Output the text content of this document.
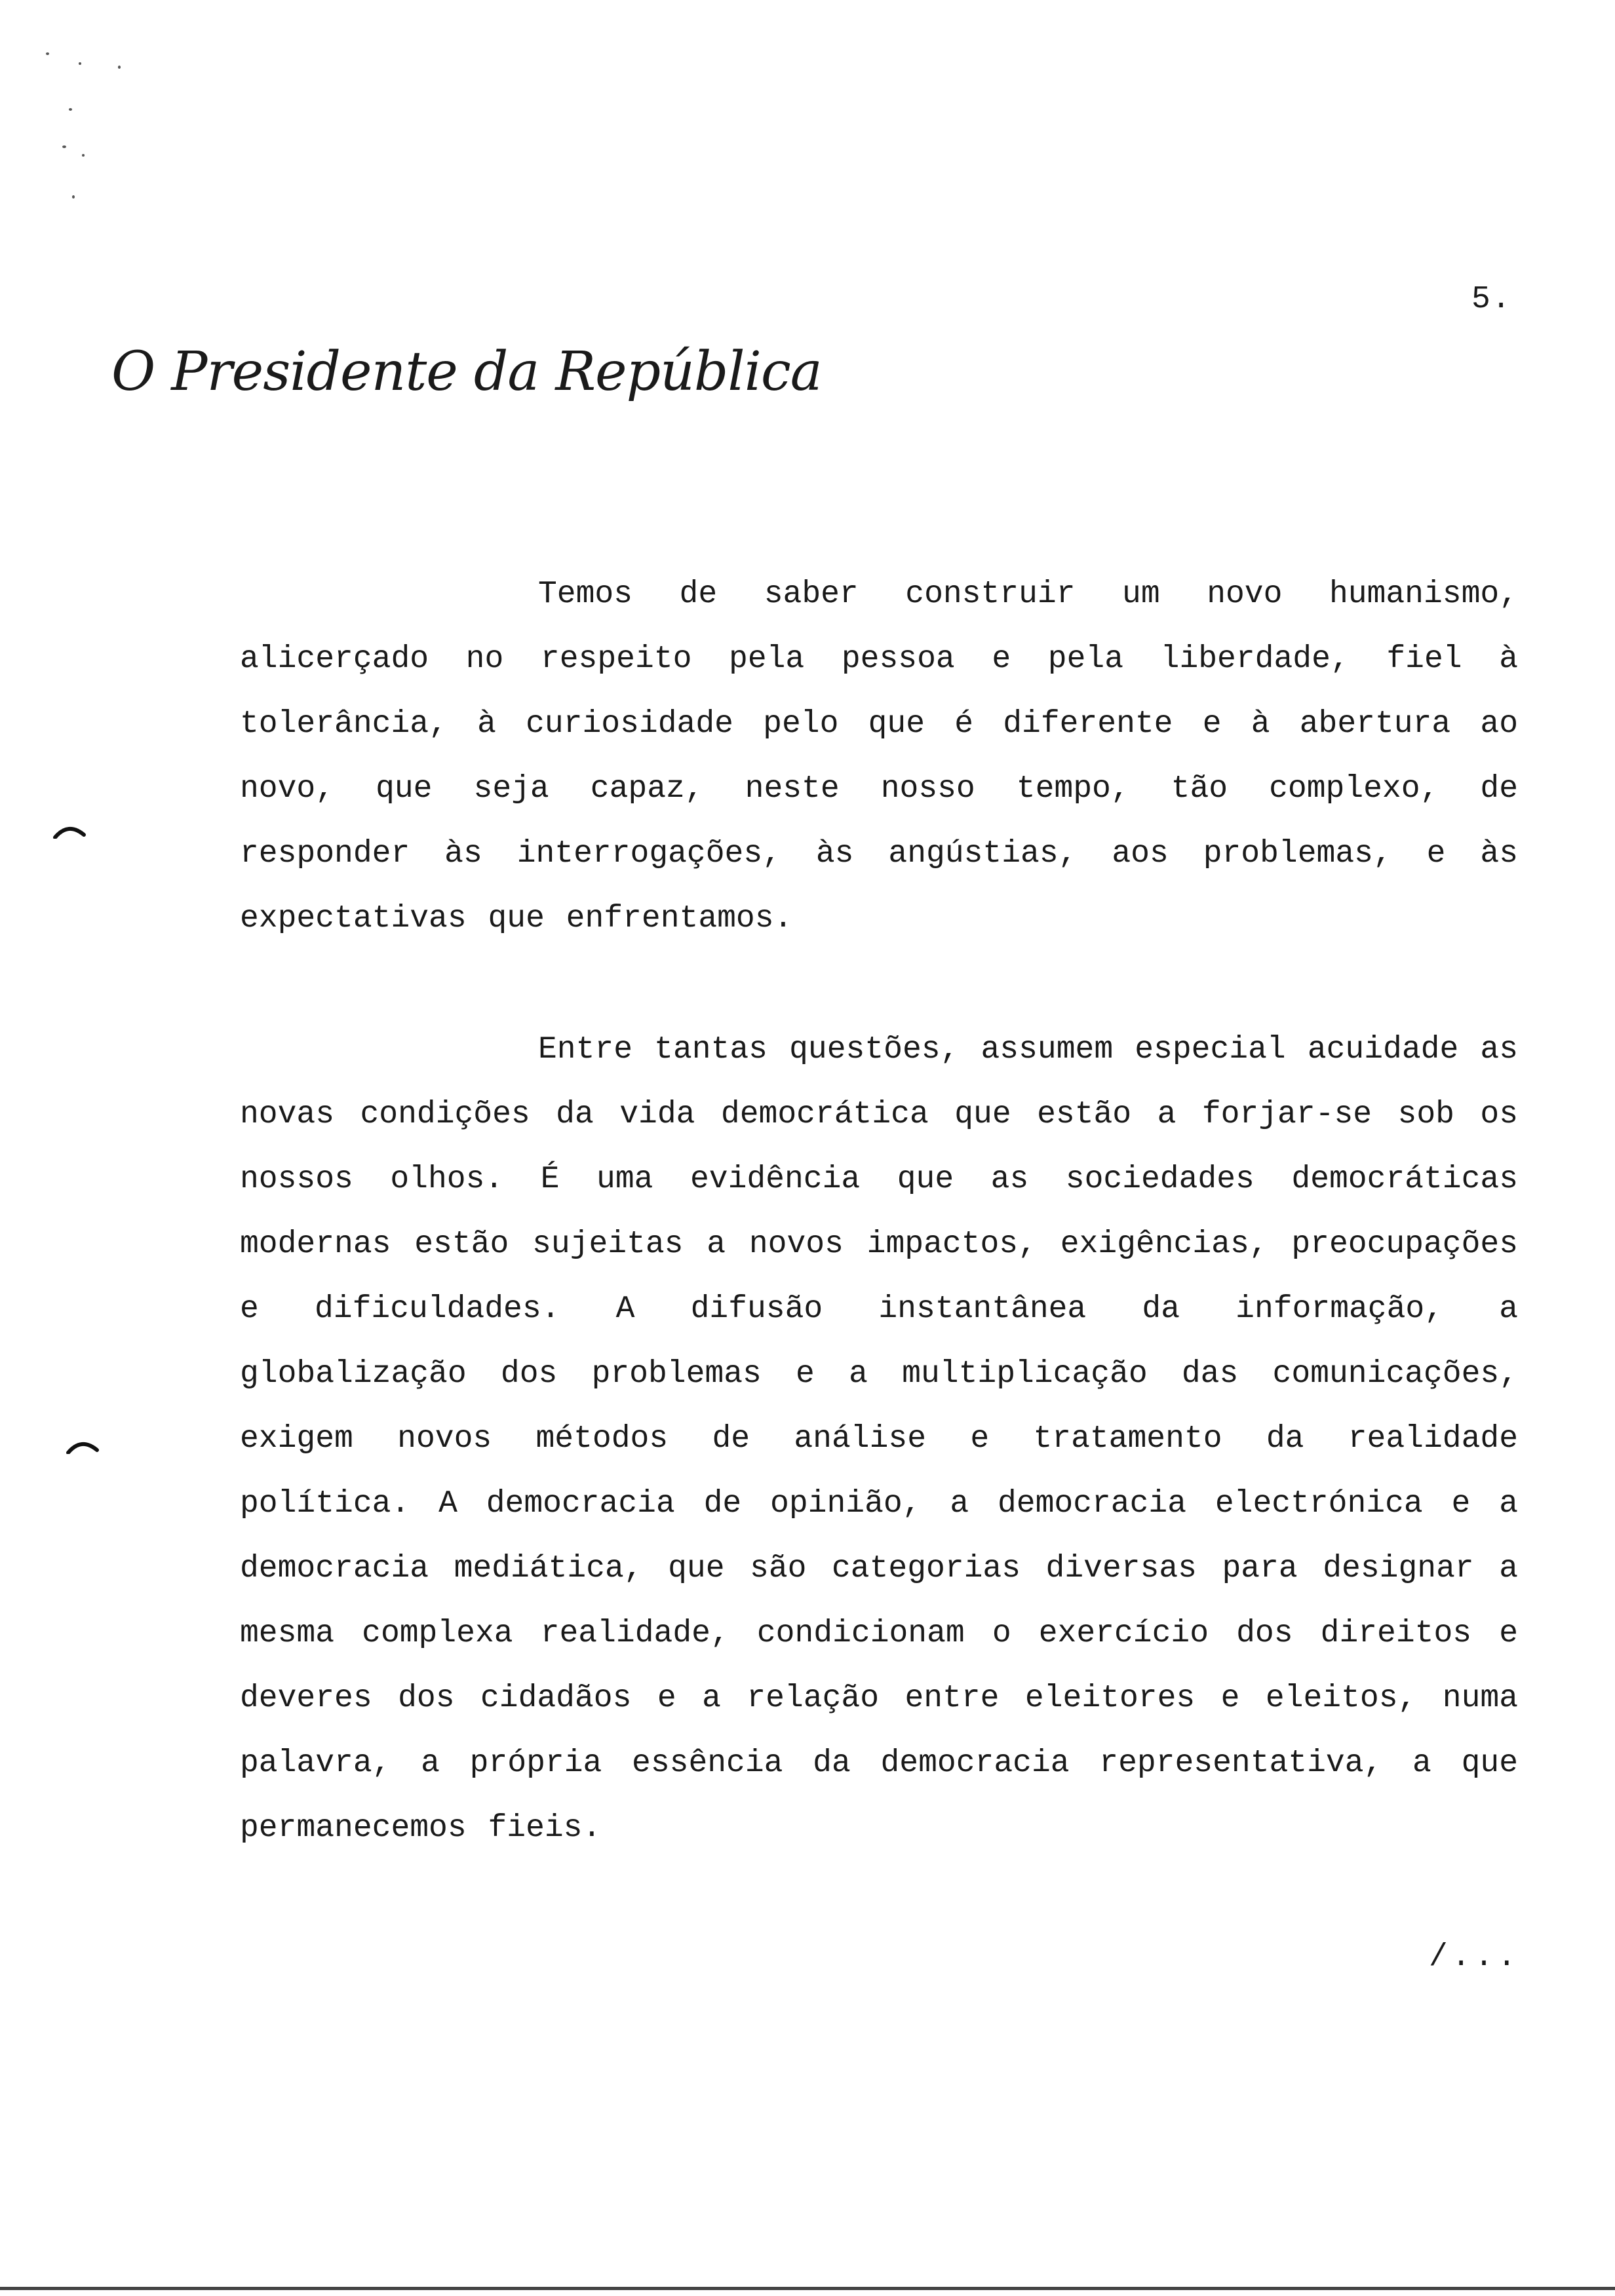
5.
O Presidente da República

Temos de saber construir um novo humanismo, alicerçado no respeito pela pessoa e pela liberdade, fiel à tolerância, à curiosidade pelo que é diferente e à abertura ao novo, que seja capaz, neste nosso tempo, tão complexo, de responder às interrogações, às angústias, aos problemas, e às expectativas que enfrentamos.

Entre tantas questões, assumem especial acuidade as novas condições da vida democrática que estão a forjar-se sob os nossos olhos. É uma evidência que as sociedades democráticas modernas estão sujeitas a novos impactos, exigências, preocupações e dificuldades. A difusão instantânea da informação, a globalização dos problemas e a multiplicação das comunicações, exigem novos métodos de análise e tratamento da realidade política. A democracia de opinião, a democracia electrónica e a democracia mediática, que são categorias diversas para designar a mesma complexa realidade, condicionam o exercício dos direitos e deveres dos cidadãos e a relação entre eleitores e eleitos, numa palavra, a própria essência da democracia representativa, a que permanecemos fieis.

/...
